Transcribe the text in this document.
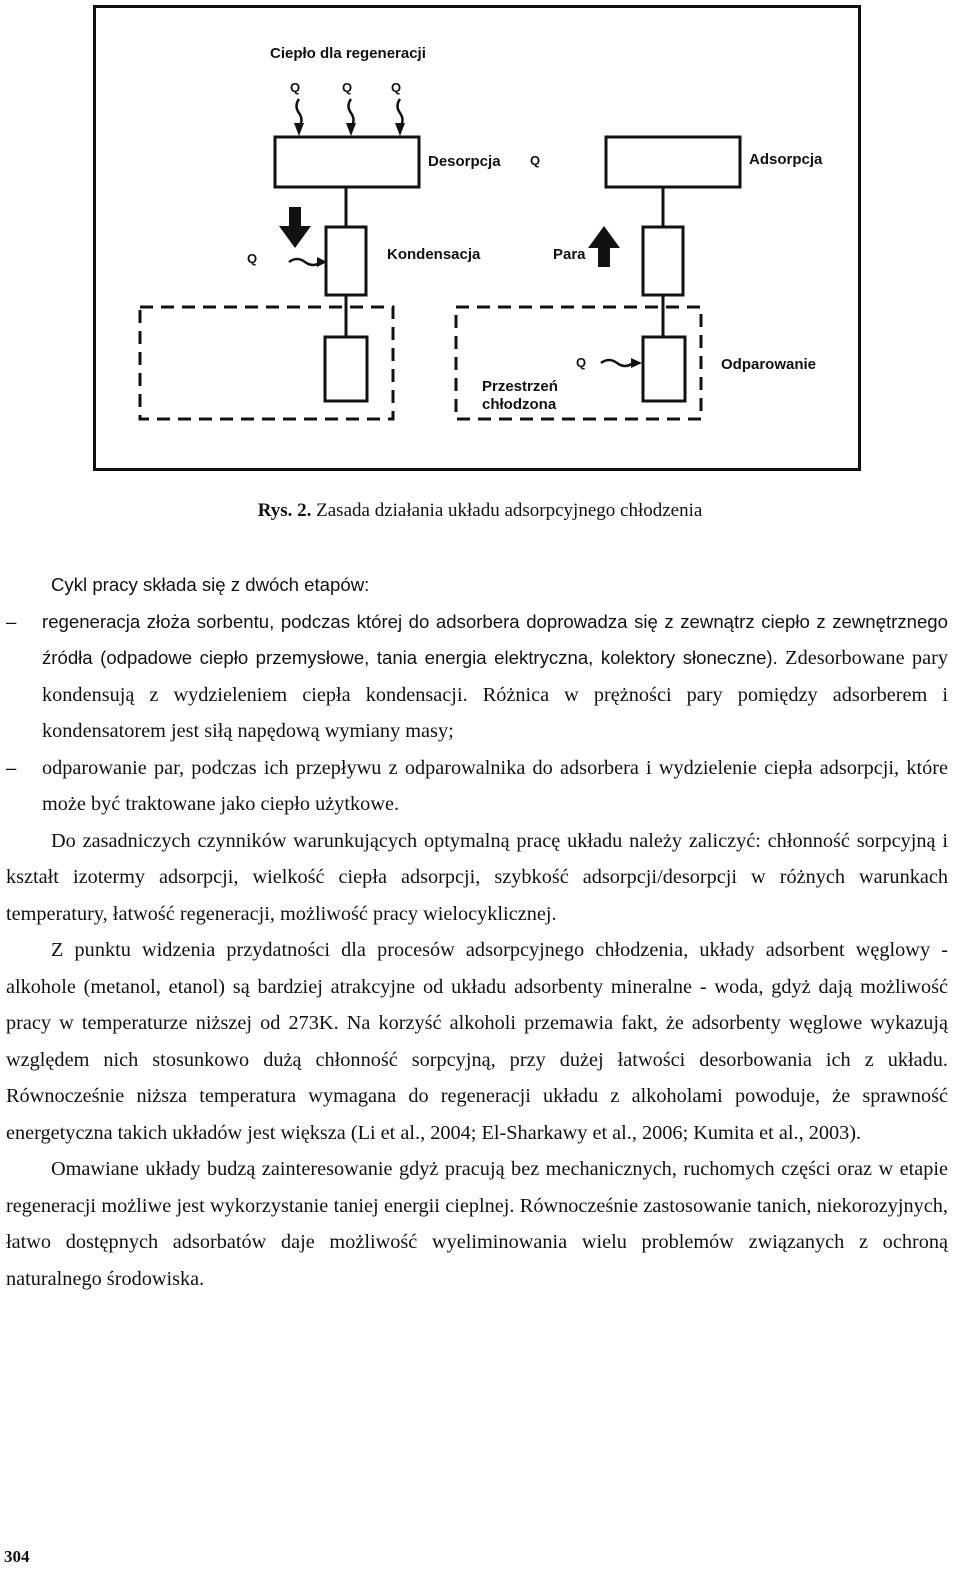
Ciepło dla regeneracji
Q	Q	Q
Desorpcja Q	Adsorpcja
Kondensacja
Q	Para
Q	Odparowanie
Przestrzeń
chłodzona
Rys. 2. Zasada działania układu adsorpcyjnego chłodzenia

Cykl pracy składa się z dwóch etapów:

–	regeneracja złoża sorbentu, podczas której do adsorbera doprowadza się z zewnątrz ciepło z zewnętrznego źródła (odpadowe ciepło przemysłowe, tania energia elektryczna, kolektory słoneczne). Zdesorbowane pary kondensują z wydzieleniem ciepła kondensacji. Różnica w prężności pary pomiędzy adsorberem i kondensatorem jest siłą napędową wymiany masy;

–	odparowanie par, podczas ich przepływu z odparowalnika do adsorbera i wydzielenie ciepła adsorpcji, które może być traktowane jako ciepło użytkowe.

Do zasadniczych czynników warunkujących optymalną pracę układu należy zaliczyć: chłonność sorpcyjną i kształt izotermy adsorpcji, wielkość ciepła adsorpcji, szybkość adsorpcji/desorpcji w różnych warunkach temperatury, łatwość regeneracji, możliwość pracy wielocyklicznej.

Z punktu widzenia przydatności dla procesów adsorpcyjnego chłodzenia, układy adsorbent węglowy - alkohole (metanol, etanol) są bardziej atrakcyjne od układu adsorbenty mineralne - woda, gdyż dają możliwość pracy w temperaturze niższej od 273K. Na korzyść alkoholi przemawia fakt, że adsorbenty węglowe wykazują względem nich stosunkowo dużą chłonność sorpcyjną, przy dużej łatwości desorbowania ich z układu. Równocześnie niższa temperatura wymagana do regeneracji układu z alkoholami powoduje, że sprawność energetyczna takich układów jest większa (Li et al., 2004; El-Sharkawy et al., 2006; Kumita et al., 2003).

Omawiane układy budzą zainteresowanie gdyż pracują bez mechanicznych, ruchomych części oraz w etapie regeneracji możliwe jest wykorzystanie taniej energii cieplnej. Równocześnie zastosowanie tanich, niekorozyjnych, łatwo dostępnych adsorbatów daje możliwość wyeliminowania wielu problemów związanych z ochroną naturalnego środowiska.

304
